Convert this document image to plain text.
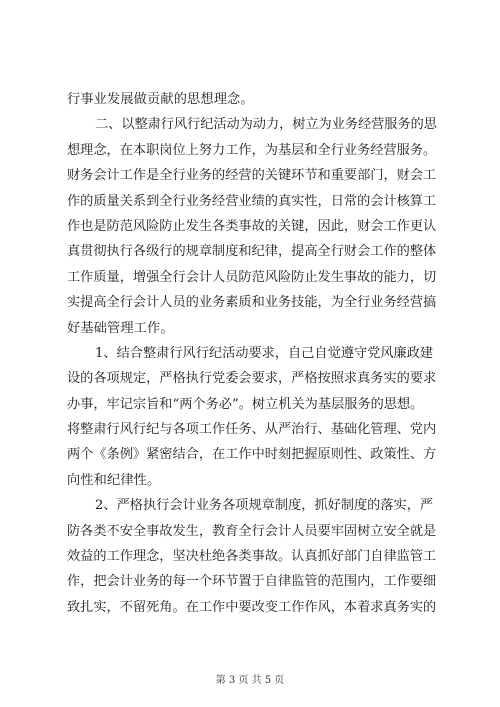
行事业发展做贡献的思想理念。
二、以整肃行风行纪活动为动力，树立为业务经营服务的思
想理念，在本职岗位上努力工作，为基层和全行业务经营服务。
财务会计工作是全行业务的经营的关键环节和重要部门，财会工
作的质量关系到全行业务经营业绩的真实性，日常的会计核算工
作也是防范风险防止发生各类事故的关键，因此，财会工作更认
真贯彻执行各级行的规章制度和纪律，提高全行财会工作的整体
工作质量，增强全行会计人员防范风险防止发生事故的能力，切
实提高全行会计人员的业务素质和业务技能，为全行业务经营搞
好基础管理工作。
1、结合整肃行风行纪活动要求，自己自觉遵守党风廉政建
设的各项规定，严格执行党委会要求，严格按照求真务实的要求
办事，牢记宗旨和“两个务必”。树立机关为基层服务的思想。
将整肃行风行纪与各项工作任务、从严治行、基础化管理、党内
两个《条例》紧密结合，在工作中时刻把握原则性、政策性、方
向性和纪律性。
2、严格执行会计业务各项规章制度，抓好制度的落实，严
防各类不安全事故发生，教育全行会计人员要牢固树立安全就是
效益的工作理念，坚决杜绝各类事故。认真抓好部门自律监管工
作，把会计业务的每一个环节置于自律监管的范围内，工作要细
致扎实，不留死角。在工作中要改变工作作风，本着求真务实的
第 3 页 共 5 页
